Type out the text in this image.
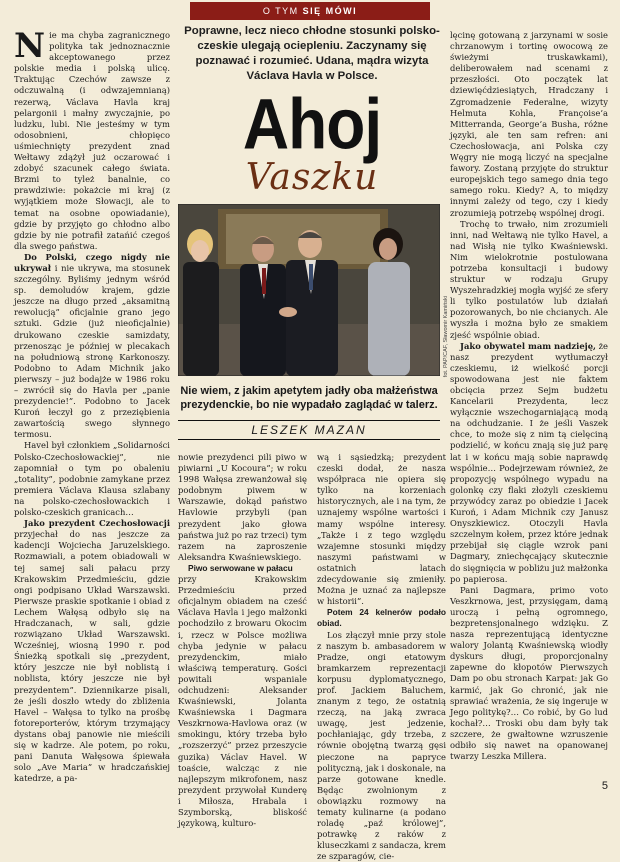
O TYM SIĘ MÓWI
Poprawne, lecz nieco chłodne stosunki polsko-czeskie ulegają ociepleniu. Zaczynamy się poznawać i rozumieć. Udana, mądra wizyta Václava Havla w Polsce.
Ahoj
Vaszku
fot. PAP/CAF, Sławomir Kamiński
Nie wiem, z jakim apetytem jadły oba małżeństwa prezydenckie, bo nie wypadało zaglądać w talerz.
LESZEK MAZAN

Nie ma chyba zagranicznego polityka tak jednoznacznie akceptowanego przez polskie media i polską ulicę. Traktując Czechów zawsze z odczuwalną (i odwzajemnianą) rezerwą, Václava Havla kraj pelargonii i małny zwyczajnie, po ludzku, lubi. Nie jesteśmy w tym odosobnieni, chłopięco uśmiechnięty prezydent znad Wełtawy zdążył już oczarować i zdobyć szacunek całego świata. Brzmi to tyleż banalnie, co prawdziwie: pokażcie mi kraj (z wyjątkiem może Słowacji, ale to temat na osobne opowiadanie), gdzie by przyjęto go chłodno albo gdzie by nie potrafił zatańić czegoś dla swego państwa.

Do Polski, czego nigdy nie ukrywał i nie ukrywa, ma stosunek szczególny. Byliśmy jednym wśród sp. demoludów krajem, gdzie jeszcze na długo przed „aksamitną rewolucją” oficjalnie grano jego sztuki. Gdzie (już nieoficjalnie) drukowano czeskie samizdaty, przenosząc je później w plecakach na południową stronę Karkonoszy. Podobno to Adam Michnik jako pierwszy – już bodajże w 1986 roku – zwrócił się do Havla per „panie prezydencie!”. Podobno to Jacek Kuroń łeczył go z przeziębienia zawartością swego słynnego termosu.

Havel był członkiem „Solidarności Polsko-Czechosłowackiej”, nie zapomniał o tym po obaleniu „totality”, podobnie zamykane przez premiera Václava Klausa szlabany na polsko-czechosłowackich i polsko-czeskich granicach…

Jako prezydent Czechosłowacji przyjechał do nas jeszcze za kadencji Wojciecha Jaruzelskiego. Rozmawiali, a potem obiadowali w tej samej sali pałacu przy Krakowskim Przedmieściu, gdzie ongi podpisano Układ Warszawski. Pierwsze praskie spotkanie i obiad z Lechem Wałęsą odbyło się na Hradczanach, w sali, gdzie rozwiązano Układ Warszawski. Wcześniej, wiosną 1990 r. pod Śnieżką spotkali się „prezydent, który jeszcze nie był noblistą i noblista, który jeszcze nie był prezydentem”. Dziennikarze pisali, że jeśli doszło wtedy do zbliżenia Havel – Wałęsa to tylko na prośbę fotoreporterów, którym trzymający dystans obaj panowie nie mieścili się w kadrze. Ale potem, po roku, pani Danuta Wałęsowa śpiewała solo „Ave Maria” w hradczańskiej katedrze, a pa-

nowie prezydenci pili piwo w piwiarni „U Kocoura”; w roku 1998 Wałęsa zrewanżował się podobnym piwem w Warszawie, dokąd państwo Havlowie przybyli (pan prezydent jako głowa państwa już po raz trzeci) tym razem na zaproszenie Aleksandra Kwaśniewskiego.

Piwo serwowane w pałacu

przy Krakowskim Przedmieściu przed oficjalnym obiadem na cześć Václava Havla i jego małżonki pochodziło z browaru Okocim i, rzecz w Polsce możliwa chyba jedynie w pałacu prezydenckim, miało właściwą temperaturę. Gości powitali wspaniale odchudzeni: Aleksander Kwaśniewski, Jolanta Kwaśniewska i Dagmara Veszkrnowa-Havlowa oraz (w smokingu, który trzeba było „rozszerzyć” przez przeszycie guzika) Václav Havel. W toaście, walcząc z nie najlepszym mikrofonem, nasz prezydent przywołał Kunderę i Miłosza, Hrabala i Szymborską, bliskość językową, kulturo-

wą i sąsiedzką; prezydent czeski dodał, że nasza współpraca nie opiera się tylko na korzeniach historycznych, ale i na tym, że uznajemy wspólne wartości i mamy wspólne interesy. „Także i z tego względu wzajemne stosunki między naszymi państwami w ostatnich latach zdecydowanie się zmieniły. Można je uznać za najlepsze w historii”.

Potem 24 kelnerów podało obiad.

Los złączył mnie przy stole z naszym b. ambasadorem w Pradze, ongi etatowym bramkarzem reprezentacji korpusu dyplomatycznego, prof. Jackiem Baluchem, znanym z tego, że ostatnią rzeczą, na jaką zwraca uwagę, jest jedzenie, pochłaniając, gdy trzeba, z równie obojętną twarzą gęsi pieczone na papryce polityczną, jak i doskonale, na parze gotowane knedle. Będąc zwolnionym z obowiązku rozmowy na tematy kulinarne (a podano roladę „paź królowej”, potrawkę z raków z kluseczkami z sandacza, krem ze szparagów, cie-

lęcinę gotowaną z jarzynami w sosie chrzanowym i tortinę owocową ze świeżymi truskawkami), deliberowałem nad scenami z przeszłości. Oto początek lat dziewięćdziesiątych, Hradczany i Zgromadzenie Federalne, wizyty Helmuta Kohla, Françoise’a Mitterranda, George’a Busha, różne języki, ale ten sam refren: ani Czechosłowacja, ani Polska czy Węgry nie mogą liczyć na specjalne fawory. Zostaną przyjęte do struktur europejskich tego samego dnia tego samego roku. Kiedy? A, to między innymi zależy od tego, czy i kiedy zrozumieją potrzebę wspólnej drogi.

Trochę to trwało, nim zrozumieli inni, nad Wełtawą nie tylko Havel, a nad Wisłą nie tylko Kwaśniewski. Nim wielokrotnie postulowana potrzeba konsultacji i budowy struktur w rodzaju Grupy Wyszehradzkiej mogła wyjść ze sfery li tylko postulatów lub działań pozorowanych, bo nie chcianych. Ale wyszła i można było ze smakiem zjeść wspólnie obiad.

Jako obywatel mam nadzieję, że nasz prezydent wytłumaczył czeskiemu, iż wielkość porcji spowodowana jest nie faktem obcięcia przez Sejm budżetu Kancelarii Prezydenta, lecz wyłącznie wszechogarniającą modą na odchudzanie. I że jeśli Vaszek chce, to może się z nim tą cielęciną podzielić, w końcu znają się już parę lat i w końcu mają sobie naprawdę wspólnie… Podejrzewam również, że propozycję wspólnego wypadu na golonkę czy flaki złożyli czeskiemu przywódcy zaraz po obiedzie i Jacek Kuroń, i Adam Michnik czy Janusz Onyszkiewicz. Otoczyli Havla szczelnym kołem, przez które jednak przebijał się ciągle wzrok pani Dagmary, zniechęcający skutecznie do sięgnięcia w pobliżu już małżonka po papierosa.

Pani Dagmara, primo voto Veszkrnowa, jest, przysięgam, damą uroczą i pełną ogromnego, bezpretensjonalnego wdzięku. Z nasza reprezentującą identyczne walory Jolantą Kwaśniewską wiodły dyskurs długi, proporcjonalny zapewne do kłopotów Pierwszych Dam po obu stronach Karpat: jak Go karmić, jak Go chronić, jak nie sprawiać wrażenia, że się ingeruje w Jego politykę?… Co robić, by Go lud kochał?… Troski obu dam były tak szczere, że gwałtowne wzruszenie odbiło się nawet na opanowanej twarzy Leszka Millera.

5
